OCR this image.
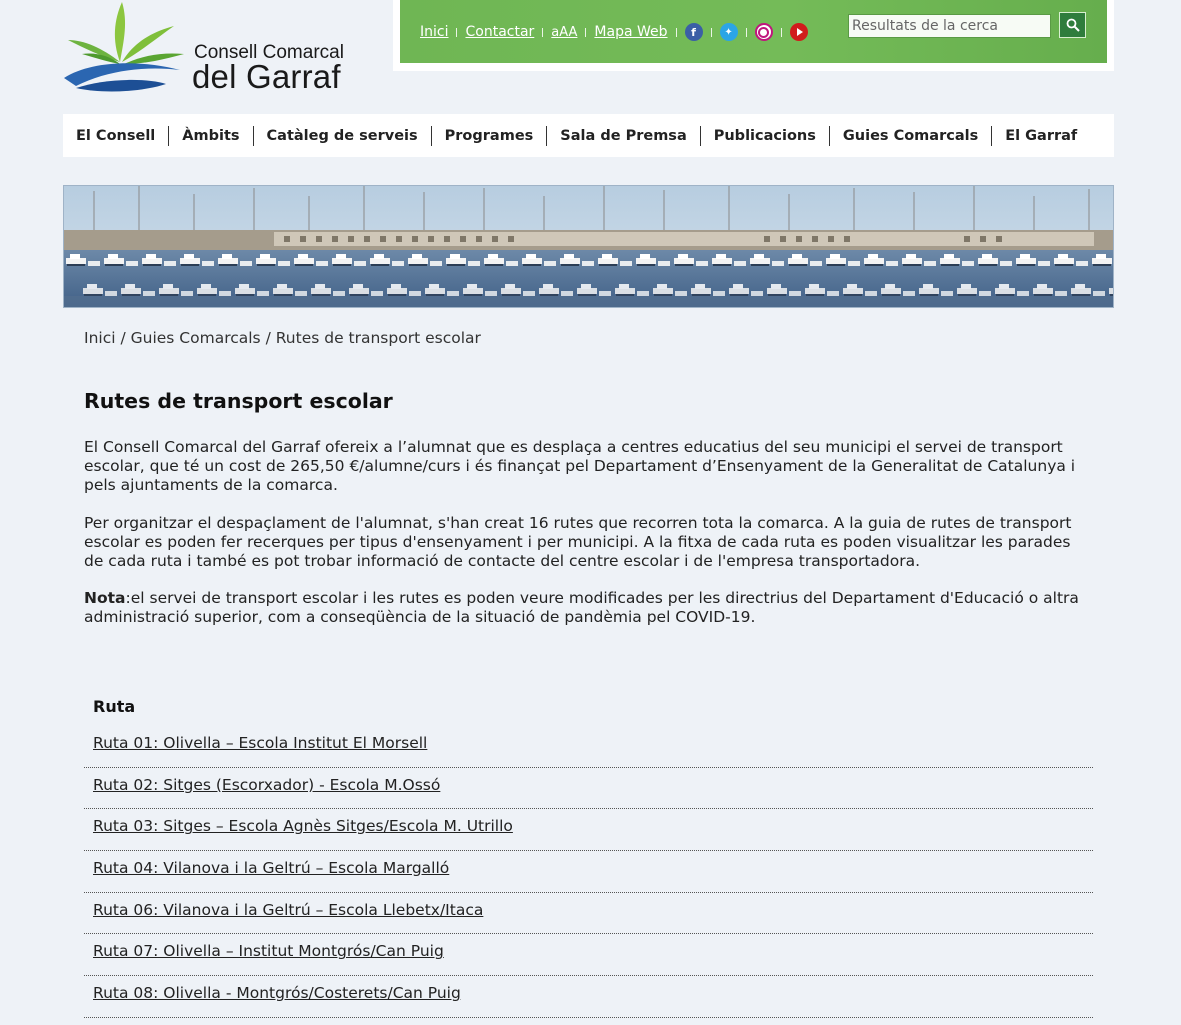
Consell Comarcal
del Garraf
Inici Contactar aAA Mapa Web	f	✦
Resultats de la cerca
El Consell Àmbits Catàleg de serveis Programes Sala de Premsa Publicacions Guies Comarcals El Garraf
Inici / Guies Comarcals / Rutes de transport escolar
Rutes de transport escolar

El Consell Comarcal del Garraf ofereix a l’alumnat que es desplaça a centres educatius del seu municipi el servei de transport escolar, que té un cost de 265,50 €/alumne/curs i és finançat pel Departament d’Ensenyament de la Generalitat de Catalunya i pels ajuntaments de la comarca.

Per organitzar el despaçlament de l'alumnat, s'han creat 16 rutes que recorren tota la comarca. A la guia de rutes de transport escolar es poden fer recerques per tipus d'ensenyament i per municipi. A la fitxa de cada ruta es poden visualitzar les parades de cada ruta i també es pot trobar informació de contacte del centre escolar i de l'empresa transportadora.

Nota:el servei de transport escolar i les rutes es poden veure modificades per les directrius del Departament d'Educació o altra administració superior, com a conseqüència de la situació de pandèmia pel COVID-19.

Ruta
Ruta 01: Olivella – Escola Institut El Morsell
Ruta 02: Sitges (Escorxador) - Escola M.Ossó
Ruta 03: Sitges – Escola Agnès Sitges/Escola M. Utrillo
Ruta 04: Vilanova i la Geltrú – Escola Margalló
Ruta 06: Vilanova i la Geltrú – Escola Llebetx/Itaca
Ruta 07: Olivella – Institut Montgrós/Can Puig
Ruta 08: Olivella - Montgrós/Costerets/Can Puig
